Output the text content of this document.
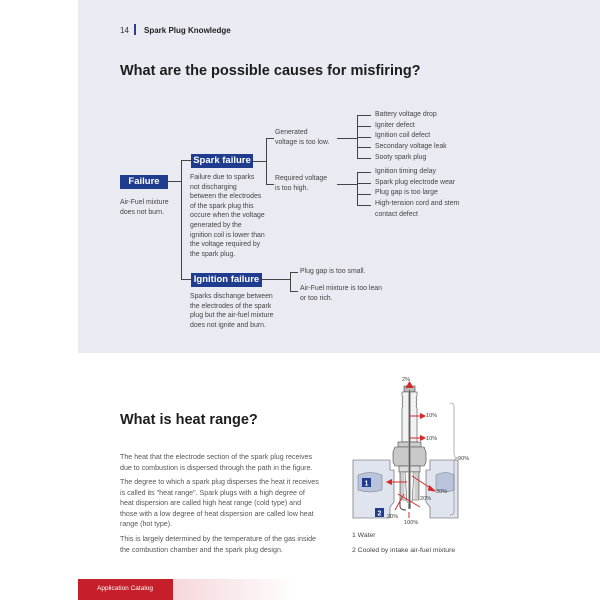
14 Spark Plug Knowledge
What are the possible causes for misfiring?
Failure
Air-Fuel mixture
does not burn.
Spark failure
Failure due to sparks
not discharging
between the electrodes
of the spark plug this
occure when the voltage
generated by the
ignition coil is lower than
the voltage required by
the spark plug.
Generated
voltage is too low.
Required voltage
is too high.
Battery voltage drop
Igniter defect
Ignition coil defect
Secondary voltage leak
Sooty spark plug
Ignition timing delay
Spark plug electrode wear
Plug gap is too large
High-tension cord and stem
contact defect
Ignition failure
Sparks dischange between
the electrodes of the spark
plug but the air-fuel mixture
does not ignite and burn.
Plug gap is too small.
Air-Fuel mixture is too lean
or too rich.
What is heat range?
The heat that the electrode section of the spark plug receives
due to combustion is dispersed through the path in the figure.
The degree to which a spark plug disperses the heat it receives
is called its "heat range". Spark plugs with a high degree of
heat dispersion are called high heat range (cold type) and
those with a low degree of heat dispersion are called low heat
range (hot type).
This is largely determined by the temperature of the gas inside
the combustion chamber and the spark plug design.
1
2
2%
10%
10%
90%
30%
20%
20%
100%
1 Water
2 Cooled by intake air-fuel mixture
Application Catalog
